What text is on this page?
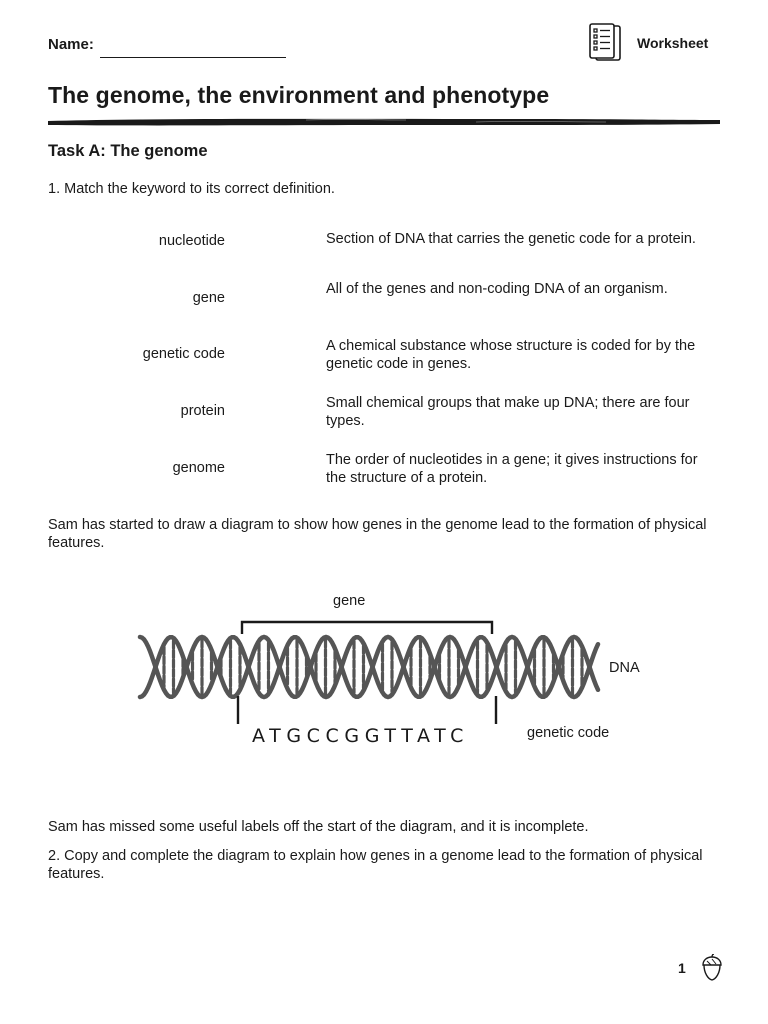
Name:	Worksheet
The genome, the environment and phenotype
Task A: The genome
1. Match the keyword to its correct definition.
nucleotide
gene
genetic code
protein
genome
Section of DNA that carries the genetic code for a protein.
All of the genes and non-coding DNA of an organism.
A chemical substance whose structure is coded for by the genetic code in genes.
Small chemical groups that make up DNA; there are four types.
The order of nucleotides in a gene; it gives instructions for the structure of a protein.
Sam has started to draw a diagram to show how genes in the genome lead to the formation of physical features.
gene
DNA
ATGCCGGTTATC	genetic code
Sam has missed some useful labels off the start of the diagram, and it is incomplete.
2. Copy and complete the diagram to explain how genes in a genome lead to the formation of physical features.
1
